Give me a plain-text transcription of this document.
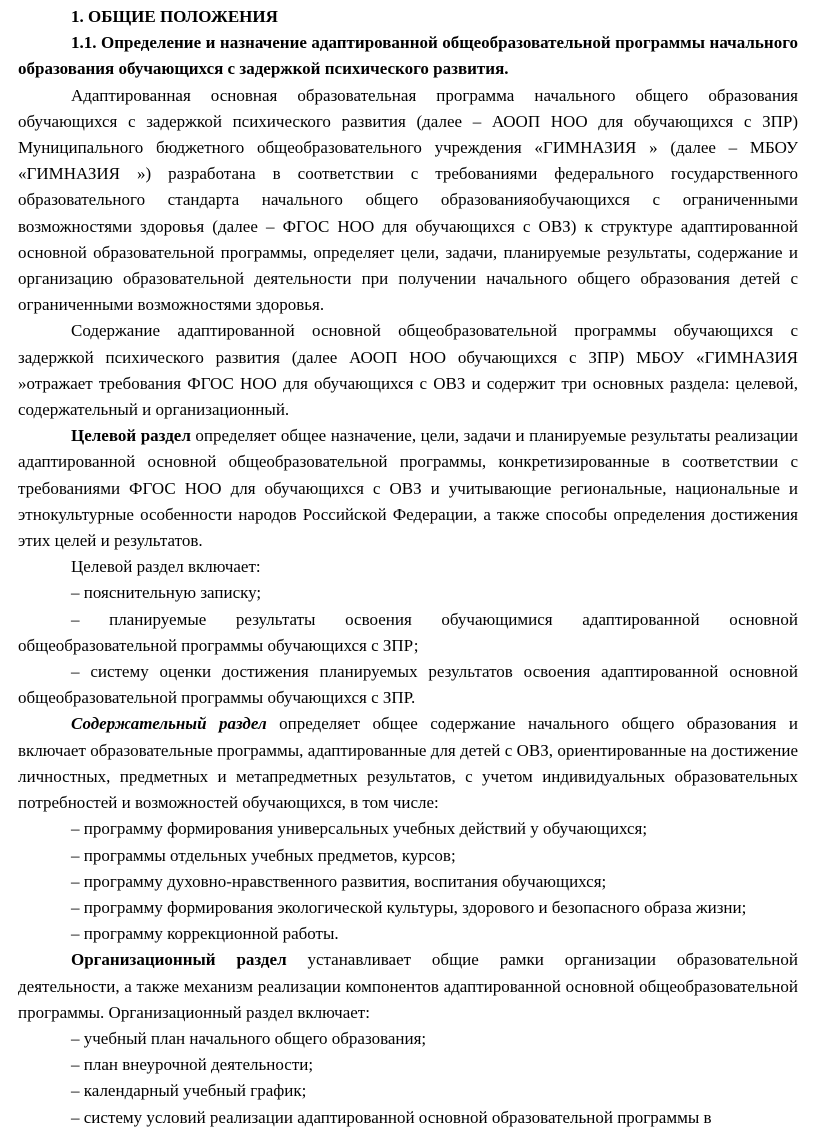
1. ОБЩИЕ ПОЛОЖЕНИЯ

1.1. Определение и назначение адаптированной общеобразовательной программы начального образования обучающихся с задержкой психического развития.

Адаптированная основная образовательная программа начального общего образования обучающихся с задержкой психического развития (далее – АООП НОО для обучающихся с ЗПР) Муниципального бюджетного общеобразовательного учреждения «ГИМНАЗИЯ » (далее – МБОУ «ГИМНАЗИЯ ») разработана в соответствии с требованиями федерального государственного образовательного стандарта начального общего образованияобучающихся с ограниченными возможностями здоровья (далее – ФГОС НОО для обучающихся с ОВЗ) к структуре адаптированной основной образовательной программы, определяет цели, задачи, планируемые результаты, содержание и организацию образовательной деятельности при получении начального общего образования детей с ограниченными возможностями здоровья.

Содержание адаптированной основной общеобразовательной программы обучающихся с задержкой психического развития (далее АООП НОО обучающихся с ЗПР) МБОУ «ГИМНАЗИЯ »отражает требования ФГОС НОО для обучающихся с ОВЗ и содержит три основных раздела: целевой, содержательный и организационный.

Целевой раздел определяет общее назначение, цели, задачи и планируемые результаты реализации адаптированной основной общеобразовательной программы, конкретизированные в соответствии с требованиями ФГОС НОО для обучающихся с ОВЗ и учитывающие региональные, национальные и этнокультурные особенности народов Российской Федерации, а также способы определения достижения этих целей и результатов.

Целевой раздел включает:

– пояснительную записку;

– планируемые результаты освоения обучающимися адаптированной основной общеобразовательной программы обучающихся с ЗПР;

– систему оценки достижения планируемых результатов освоения адаптированной основной общеобразовательной программы обучающихся с ЗПР.

Содержательный раздел определяет общее содержание начального общего образования и включает образовательные программы, адаптированные для детей с ОВЗ, ориентированные на достижение личностных, предметных и метапредметных результатов, с учетом индивидуальных образовательных потребностей и возможностей обучающихся, в том числе:

– программу формирования универсальных учебных действий у обучающихся;

– программы отдельных учебных предметов, курсов;

– программу духовно-нравственного развития, воспитания обучающихся;

– программу формирования экологической культуры, здорового и безопасного образа жизни;

– программу коррекционной работы.

Организационный раздел устанавливает общие рамки организации образовательной деятельности, а также механизм реализации компонентов адаптированной основной общеобразовательной программы. Организационный раздел включает:

– учебный план начального общего образования;

– план внеурочной деятельности;

– календарный учебный график;

– систему условий реализации адаптированной основной образовательной программы в
